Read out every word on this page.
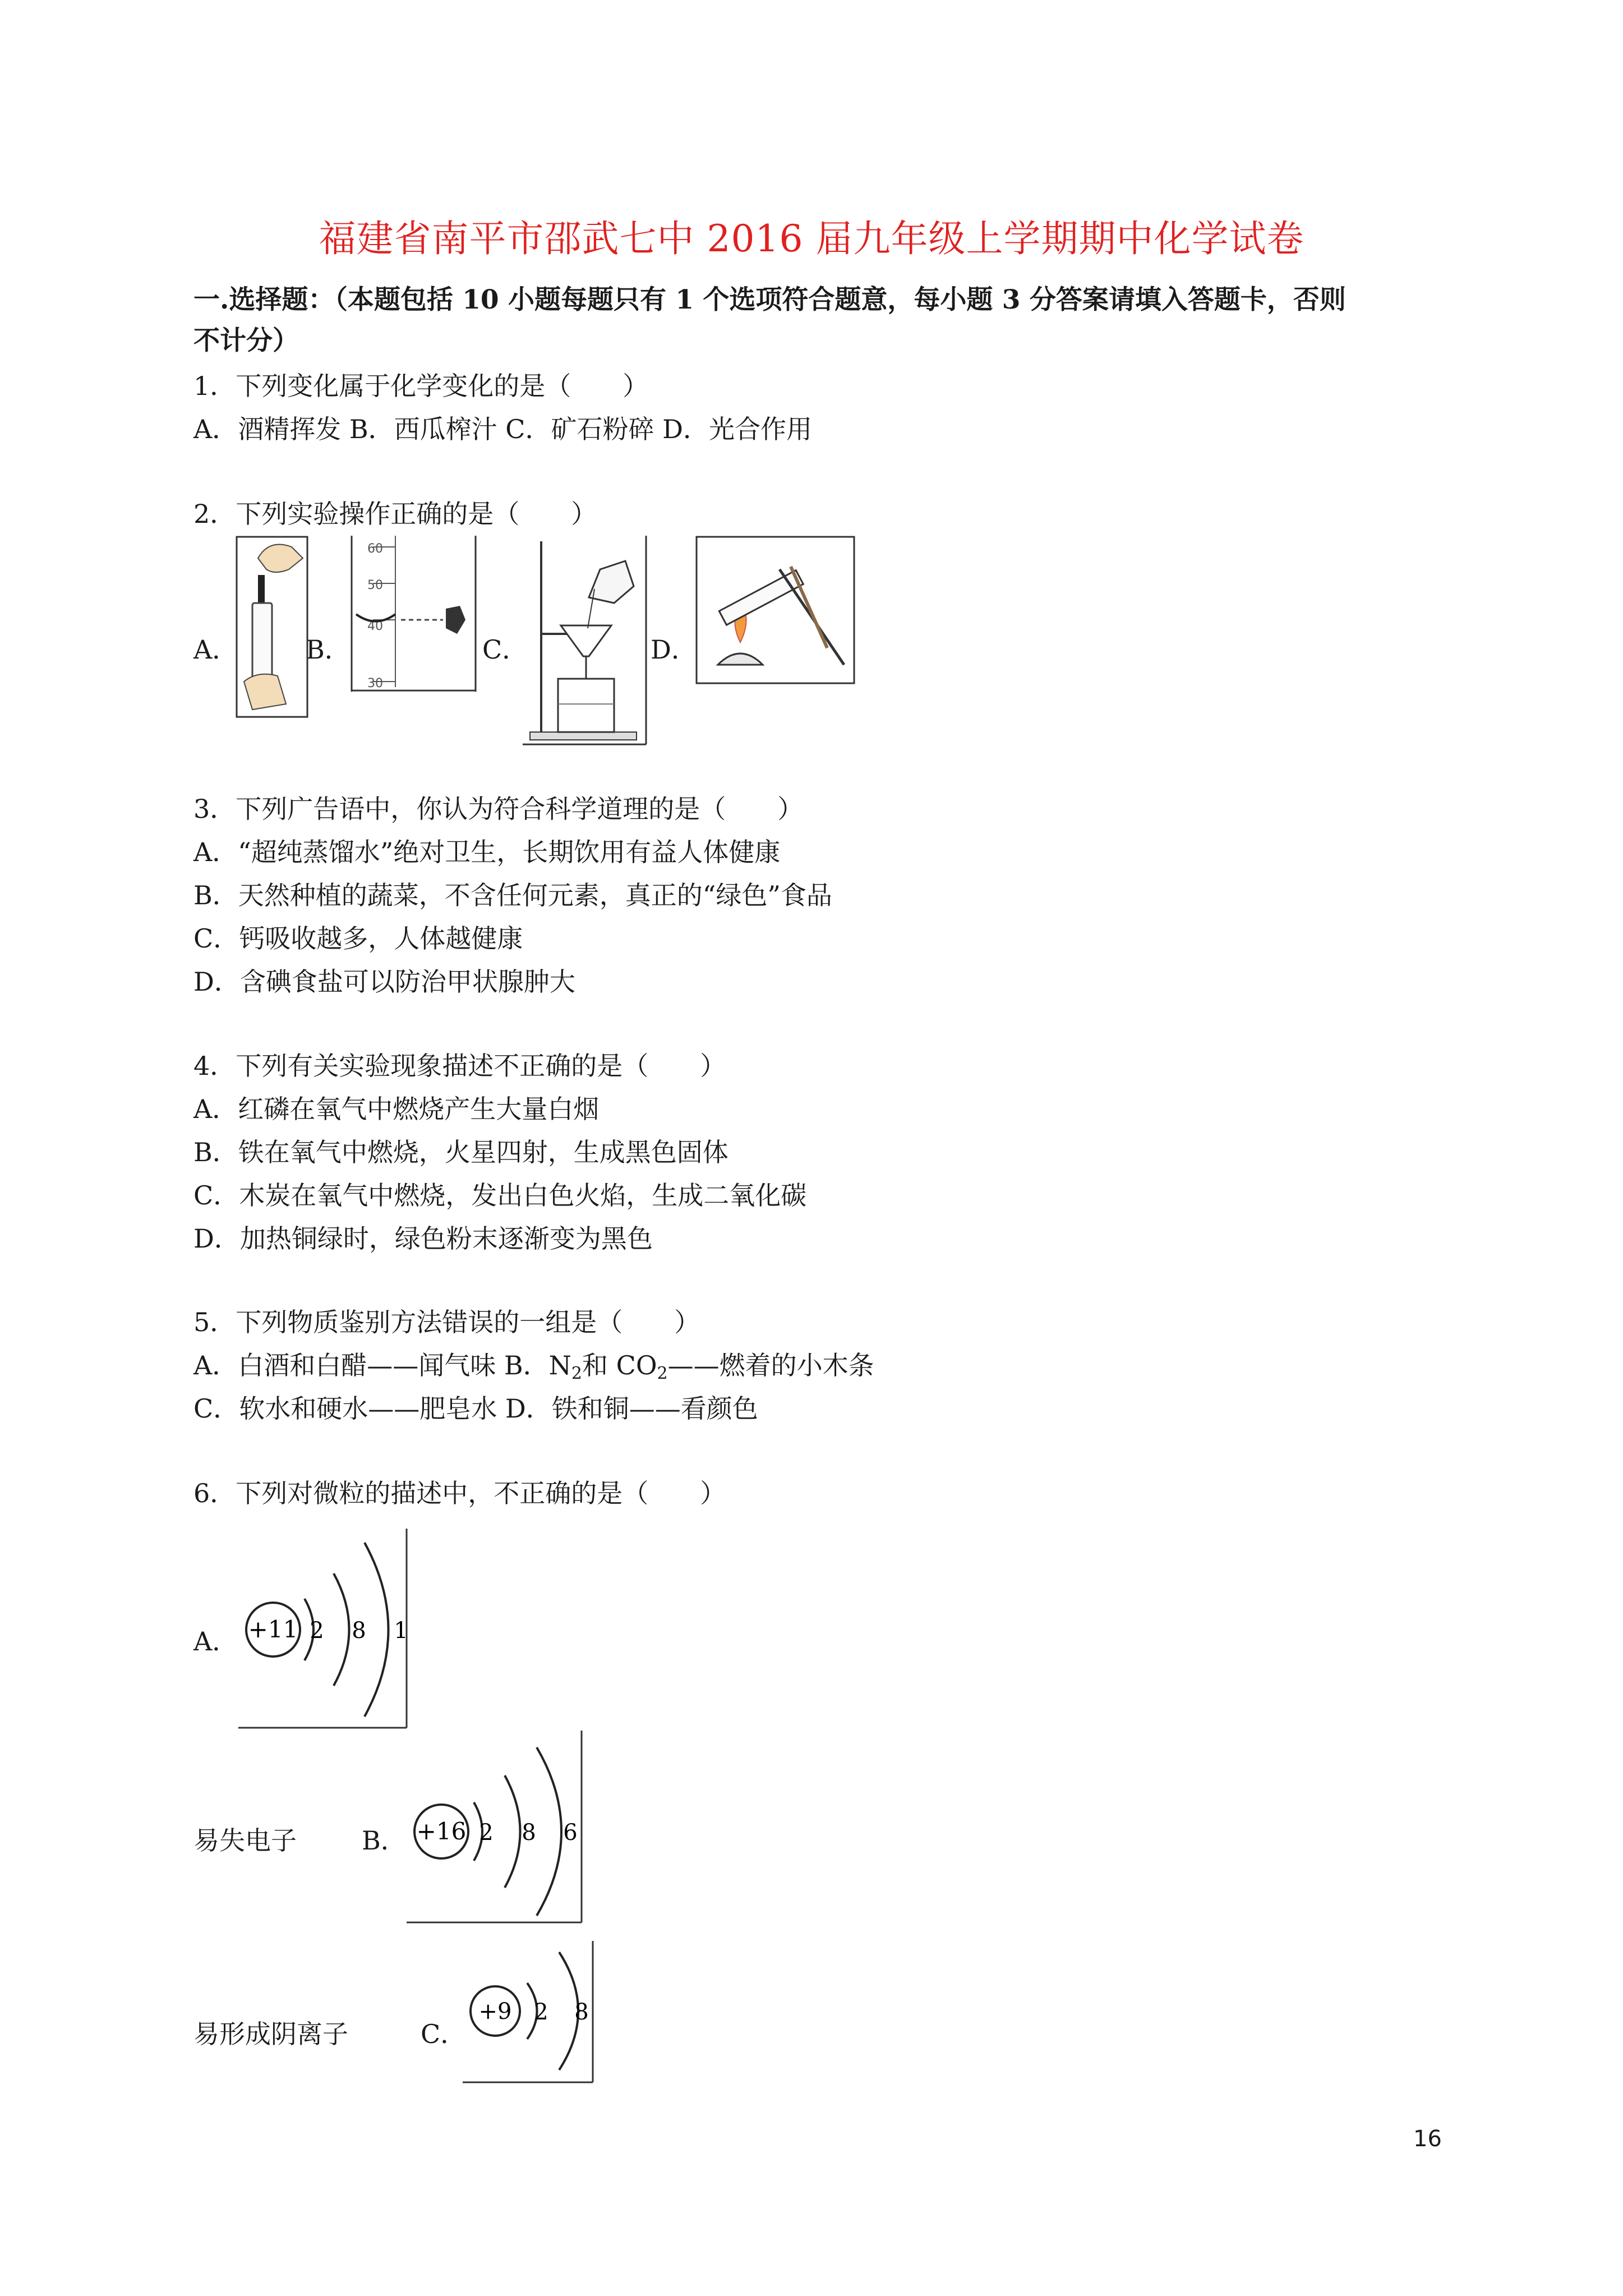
福建省南平市邵武七中 2016 届九年级上学期期中化学试卷
一.选择题：（本题包括 10 小题每题只有 1 个选项符合题意，每小题 3 分答案请填入答题卡，否则
不计分）
1．下列变化属于化学变化的是（　　）
A．酒精挥发 B．西瓜榨汁 C．矿石粉碎 D．光合作用
2．下列实验操作正确的是（　　）
A．	B．	C．	D．
60
50
40
30
3．下列广告语中，你认为符合科学道理的是（　　）
A．“超纯蒸馏水”绝对卫生，长期饮用有益人体健康
B．天然种植的蔬菜，不含任何元素，真正的“绿色”食品
C．钙吸收越多，人体越健康
D．含碘食盐可以防治甲状腺肿大
4．下列有关实验现象描述不正确的是（　　）
A．红磷在氧气中燃烧产生大量白烟
B．铁在氧气中燃烧，火星四射，生成黑色固体
C．木炭在氧气中燃烧，发出白色火焰，生成二氧化碳
D．加热铜绿时，绿色粉末逐渐变为黑色
5．下列物质鉴别方法错误的一组是（　　）
A．白酒和白醋——闻气味 B．$N_2$和 $CO_2——$燃着的小木条
C．软水和硬水——肥皂水 D．铁和铜——看颜色
6．下列对微粒的描述中，不正确的是（　　）
A． +11 2 8 1
易失电子	B． +16 2 8 6
易形成阴离子	C．
+9 2 8
16
